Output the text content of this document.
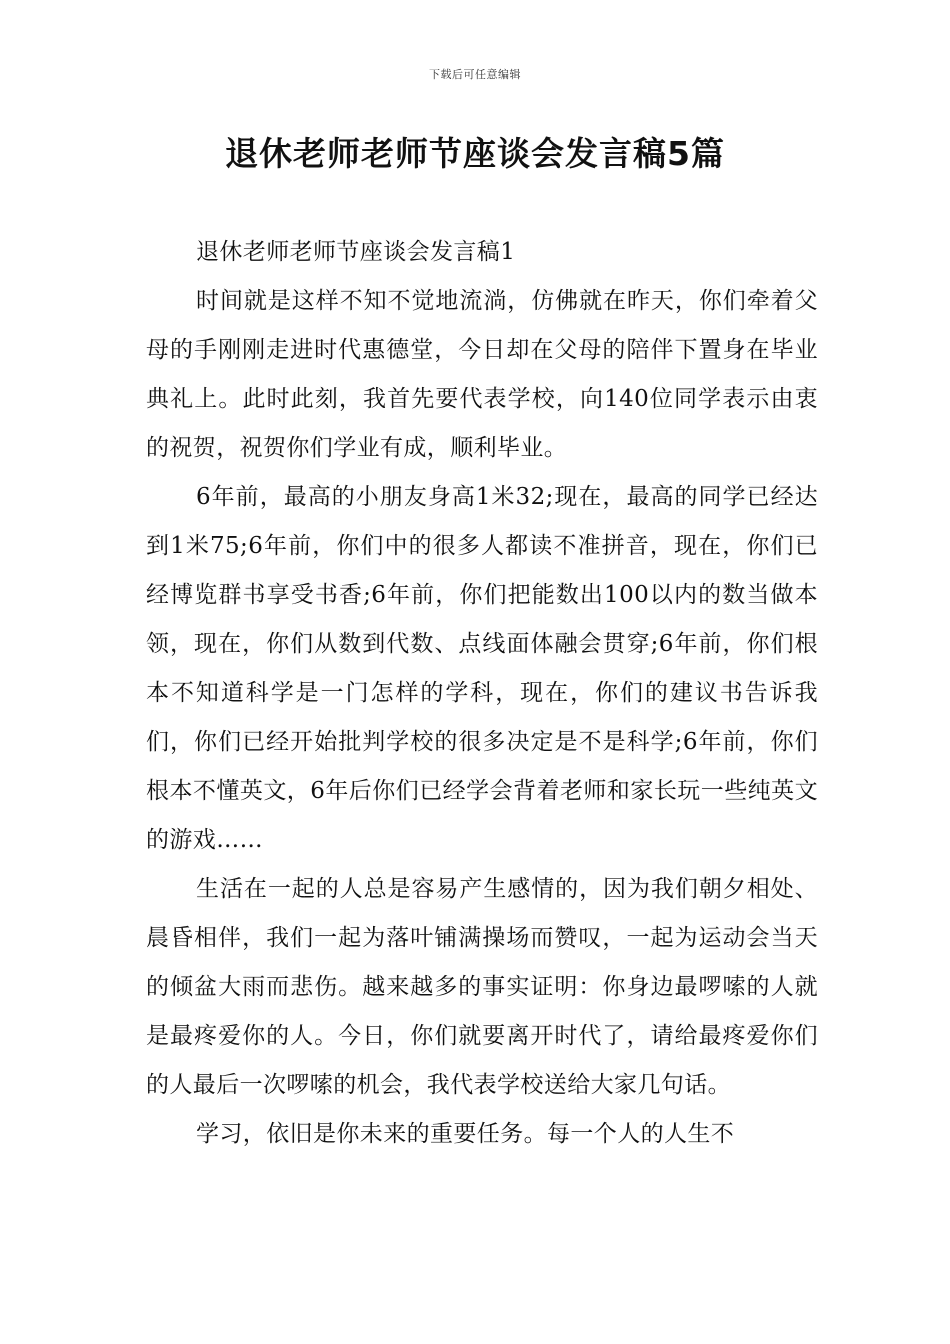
下载后可任意编辑
退休老师老师节座谈会发言稿5篇

退休老师老师节座谈会发言稿1

时间就是这样不知不觉地流淌，仿佛就在昨天，你们牵着父母的手刚刚走进时代惠德堂，今日却在父母的陪伴下置身在毕业典礼上。此时此刻，我首先要代表学校，向140位同学表示由衷的祝贺，祝贺你们学业有成，顺利毕业。

6年前，最高的小朋友身高1米32;现在，最高的同学已经达到1米75;6年前，你们中的很多人都读不准拼音，现在，你们已经博览群书享受书香;6年前，你们把能数出100以内的数当做本领，现在，你们从数到代数、点线面体融会贯穿;6年前，你们根本不知道科学是一门怎样的学科，现在，你们的建议书告诉我们，你们已经开始批判学校的很多决定是不是科学;6年前，你们根本不懂英文，6年后你们已经学会背着老师和家长玩一些纯英文的游戏……

生活在一起的人总是容易产生感情的，因为我们朝夕相处、晨昏相伴，我们一起为落叶铺满操场而赞叹，一起为运动会当天的倾盆大雨而悲伤。越来越多的事实证明：你身边最啰嗦的人就是最疼爱你的人。今日，你们就要离开时代了，请给最疼爱你们的人最后一次啰嗦的机会，我代表学校送给大家几句话。

学习，依旧是你未来的重要任务。每一个人的人生不
